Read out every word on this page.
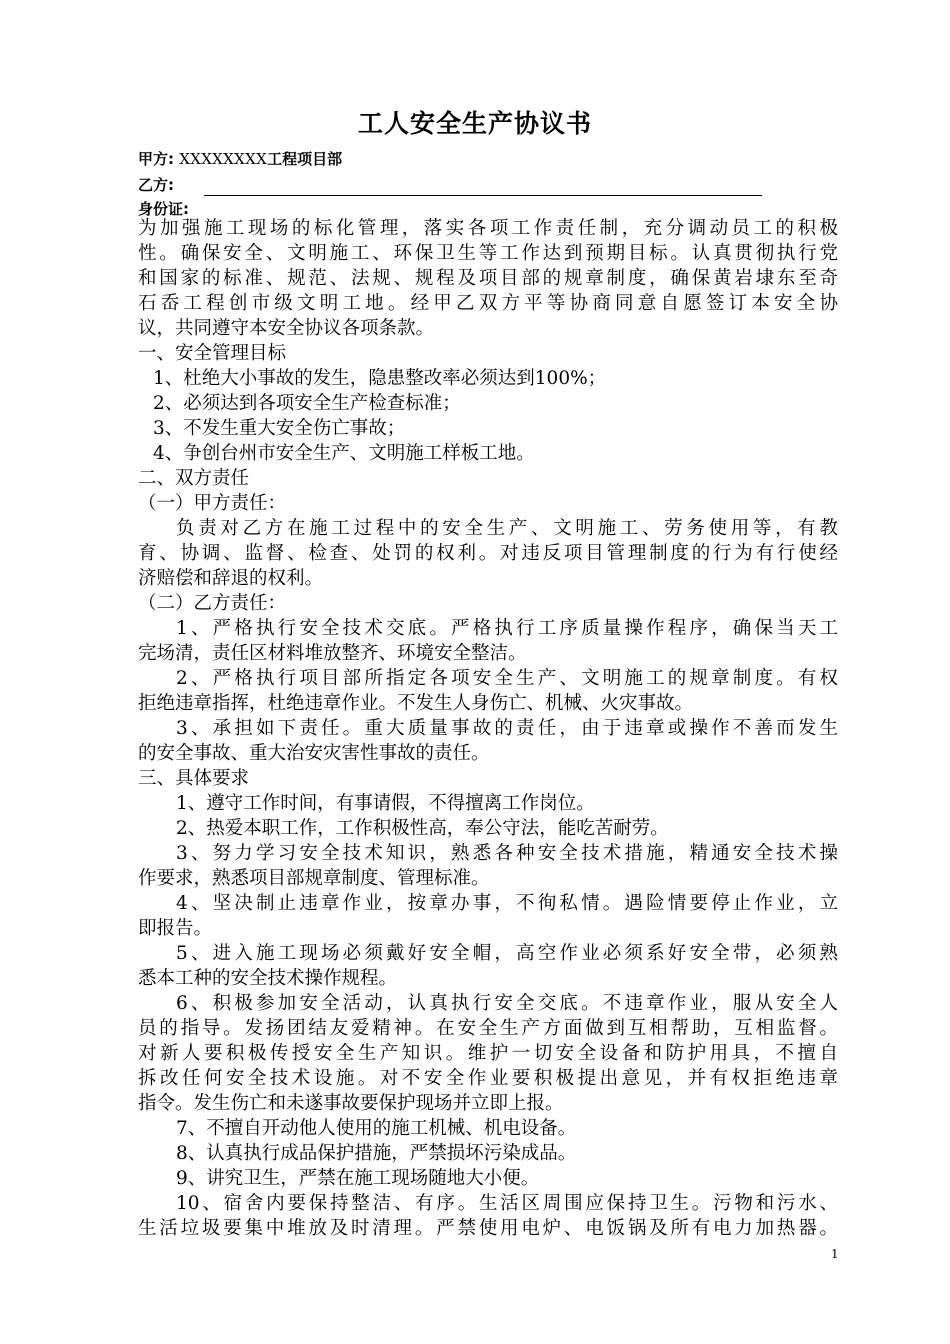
工人安全生产协议书
甲方: XXXXXXXX工程项目部
乙方:
身份证:
为加强施工现场的标化管理，落实各项工作责任制，充分调动员工的积极
性。确保安全、文明施工、环保卫生等工作达到预期目标。认真贯彻执行党
和国家的标准、规范、法规、规程及项目部的规章制度，确保黄岩埭东至奇
石岙工程创市级文明工地。经甲乙双方平等协商同意自愿签订本安全协
议，共同遵守本安全协议各项条款。
一、安全管理目标
1、杜绝大小事故的发生，隐患整改率必须达到100%；
2、必须达到各项安全生产检查标准；
3、不发生重大安全伤亡事故；
4、争创台州市安全生产、文明施工样板工地。
二、双方责任
（一）甲方责任：
负责对乙方在施工过程中的安全生产、文明施工、劳务使用等，有教
育、协调、监督、检查、处罚的权利。对违反项目管理制度的行为有行使经
济赔偿和辞退的权利。
（二）乙方责任：
1、严格执行安全技术交底。严格执行工序质量操作程序，确保当天工
完场清，责任区材料堆放整齐、环境安全整洁。
2、严格执行项目部所指定各项安全生产、文明施工的规章制度。有权
拒绝违章指挥，杜绝违章作业。不发生人身伤亡、机械、火灾事故。
3、承担如下责任。重大质量事故的责任，由于违章或操作不善而发生
的安全事故、重大治安灾害性事故的责任。
三、具体要求
1、遵守工作时间，有事请假，不得擅离工作岗位。
2、热爱本职工作，工作积极性高，奉公守法，能吃苦耐劳。
3、努力学习安全技术知识，熟悉各种安全技术措施，精通安全技术操
作要求，熟悉项目部规章制度、管理标准。
4、坚决制止违章作业，按章办事，不徇私情。遇险情要停止作业，立
即报告。
5、进入施工现场必须戴好安全帽，高空作业必须系好安全带，必须熟
悉本工种的安全技术操作规程。
6、积极参加安全活动，认真执行安全交底。不违章作业，服从安全人
员的指导。发扬团结友爱精神。在安全生产方面做到互相帮助，互相监督。
对新人要积极传授安全生产知识。维护一切安全设备和防护用具，不擅自
拆改任何安全技术设施。对不安全作业要积极提出意见，并有权拒绝违章
指令。发生伤亡和未遂事故要保护现场并立即上报。
7、不擅自开动他人使用的施工机械、机电设备。
8、认真执行成品保护措施，严禁损坏污染成品。
9、讲究卫生，严禁在施工现场随地大小便。
10、宿舍内要保持整洁、有序。生活区周围应保持卫生。污物和污水、
生活垃圾要集中堆放及时清理。严禁使用电炉、电饭锅及所有电力加热器。
1
